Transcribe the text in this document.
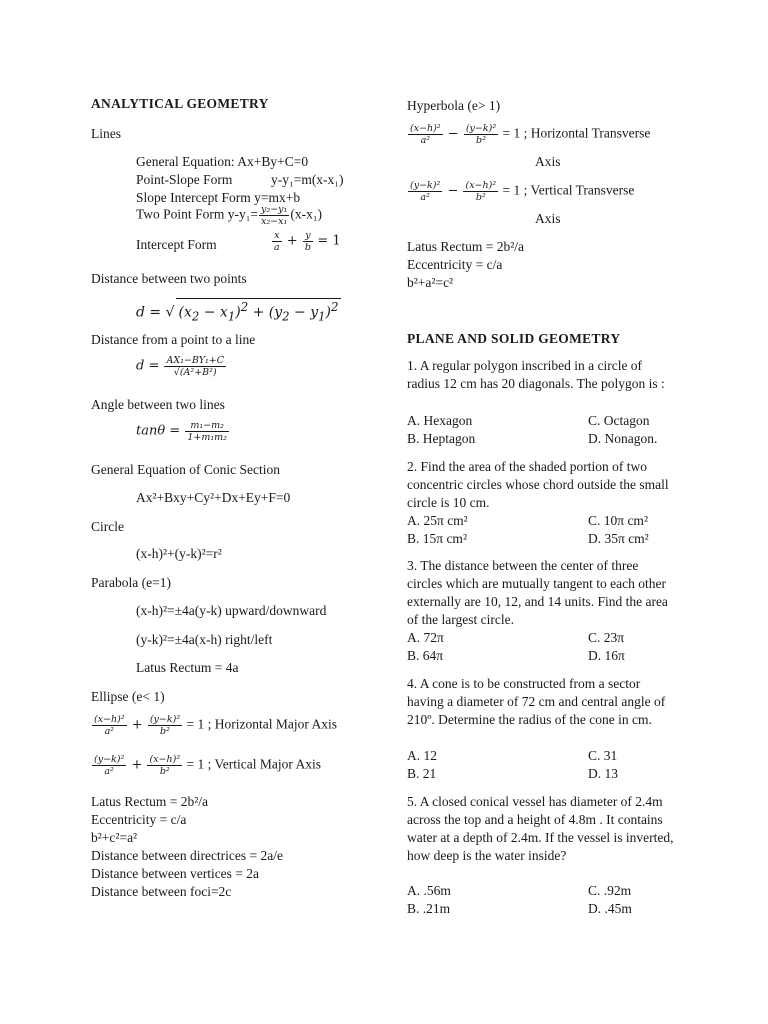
ANALYTICAL GEOMETRY
Lines
General Equation: Ax+By+C=0
Point-Slope Form	y-y₁=m(x-x₁)
Slope Intercept Form y=mx+b
Two Point Form $y-y_1= \frac{\text{y₂−y₁}}{\text{x₂−x₁}} (x-x_1)$
Intercept Form	$\frac{x}{a} + \frac{y}{b} = 1$
Distance between two points
d = √ $(x_2 - x_1)^2 + (y_2 - y_1)^2$
Distance from a point to a line
$d = \frac{\text{AX₁−BY₁+C}}{\text{√(A²+B²)}}$
Angle between two lines
$\tan\theta = \frac{\text{m₁−m₂}}{\text{1+m₁m₂}}$
General Equation of Conic Section
Ax²+Bxy+Cy²+Dx+Ey+F=0
Circle
(x-h)²+(y-k)²=r²
Parabola (e=1)
(x-h)²=±4a(y-k) upward/downward
(y-k)²=±4a(x-h) right/left
Latus Rectum = 4a
Ellipse (e< 1)
$\frac{\text{(x−h)²}}{\text{a²}} + \frac{\text{(y−k)²}}{\text{b²}} = 1$ ; Horizontal Major Axis
$\frac{\text{(y−k)²}}{\text{a²}} + \frac{\text{(x−h)²}}{\text{b²}} = 1$ ; Vertical Major Axis
Latus Rectum = 2b²/a
Eccentricity = c/a
b²+c²=a²
Distance between directrices = 2a/e
Distance between vertices = 2a
Distance between foci=2c
Hyperbola (e> 1)
$\frac{\text{(x−h)²}}{\text{a²}} - \frac{\text{(y−k)²}}{\text{b²}} = 1$ ; Horizontal Transverse
Axis
$\frac{\text{(y−k)²}}{\text{a²}} - \frac{\text{(x−h)²}}{\text{b²}} = 1$ ; Vertical Transverse
Axis
Latus Rectum = 2b²/a
Eccentricity = c/a
b²+a²=c²
PLANE AND SOLID GEOMETRY
1. A regular polygon inscribed in a circle of radius 12 cm has 20 diagonals. The polygon is :
A. Hexagon	C. Octagon
B. Heptagon	D. Nonagon.
2. Find the area of the shaded portion of two concentric circles whose chord outside the small circle is 10 cm.
A. 25π cm²	C. 10π cm²
B. 15π cm²	D. 35π cm²
3. The distance between the center of three circles which are mutually tangent to each other externally are 10, 12, and 14 units. Find the area of the largest circle.
A. 72π	C. 23π
B. 64π	D. 16π
4. A cone is to be constructed from a sector having a diameter of 72 cm and central angle of 210º. Determine the radius of the cone in cm.
A. 12	C. 31
B. 21	D. 13
5. A closed conical vessel has diameter of 2.4m across the top and a height of 4.8m . It contains water at a depth of 2.4m. If the vessel is inverted, how deep is the water inside?
A. .56m	C. .92m
B. .21m	D. .45m
